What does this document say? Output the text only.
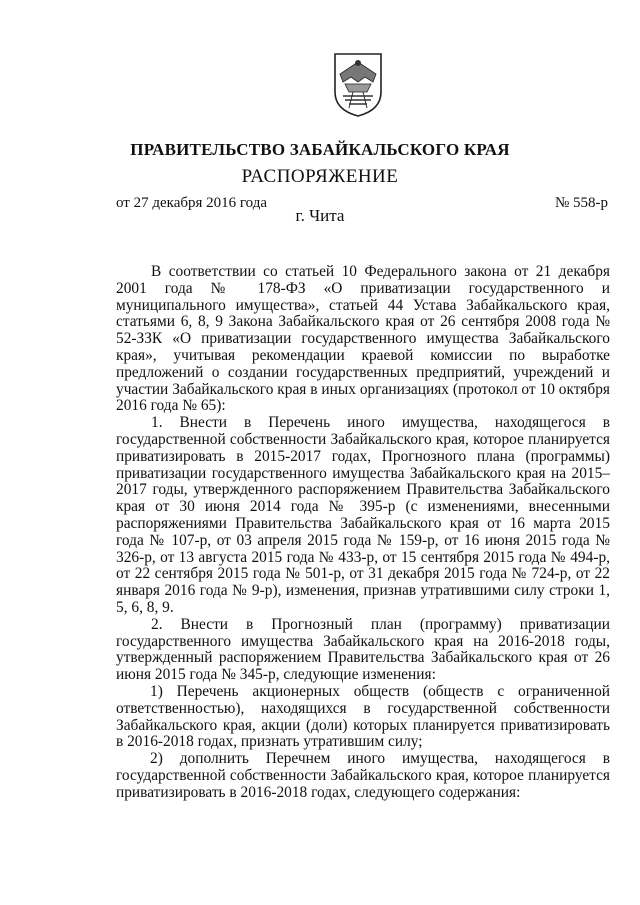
ПРАВИТЕЛЬСТВО ЗАБАЙКАЛЬСКОГО КРАЯ
РАСПОРЯЖЕНИЕ
от 27 декабря 2016 года	№ 558-р
г. Чита

В соответствии со статьей 10 Федерального закона от 21 декабря 2001 года № 178-ФЗ «О приватизации государственного и муниципального имущества», статьей 44 Устава Забайкальского края, статьями 6, 8, 9 Закона Забайкальского края от 26 сентября 2008 года № 52-ЗЗК «О приватизации государственного имущества Забайкальского края», учитывая рекомендации краевой комиссии по выработке предложений о создании государственных предприятий, учреждений и участии Забайкальского края в иных организациях (протокол от 10 октября 2016 года № 65):

1. Внести в Перечень иного имущества, находящегося в государственной собственности Забайкальского края, которое планируется приватизировать в 2015-2017 годах, Прогнозного плана (программы) приватизации государственного имущества Забайкальского края на 2015–2017 годы, утвержденного распоряжением Правительства Забайкальского края от 30 июня 2014 года № 395-р (с изменениями, внесенными распоряжениями Правительства Забайкальского края от 16 марта 2015 года № 107-р, от 03 апреля 2015 года № 159-р, от 16 июня 2015 года № 326-р, от 13 августа 2015 года № 433-р, от 15 сентября 2015 года № 494-р, от 22 сентября 2015 года № 501-р, от 31 декабря 2015 года № 724-р, от 22 января 2016 года № 9-р), изменения, признав утратившими силу строки 1, 5, 6, 8, 9.

2. Внести в Прогнозный план (программу) приватизации государственного имущества Забайкальского края на 2016-2018 годы, утвержденный распоряжением Правительства Забайкальского края от 26 июня 2015 года № 345-р, следующие изменения:

1) Перечень акционерных обществ (обществ с ограниченной ответственностью), находящихся в государственной собственности Забайкальского края, акции (доли) которых планируется приватизировать в 2016-2018 годах, признать утратившим силу;

2) дополнить Перечнем иного имущества, находящегося в государственной собственности Забайкальского края, которое планируется приватизировать в 2016-2018 годах, следующего содержания:
